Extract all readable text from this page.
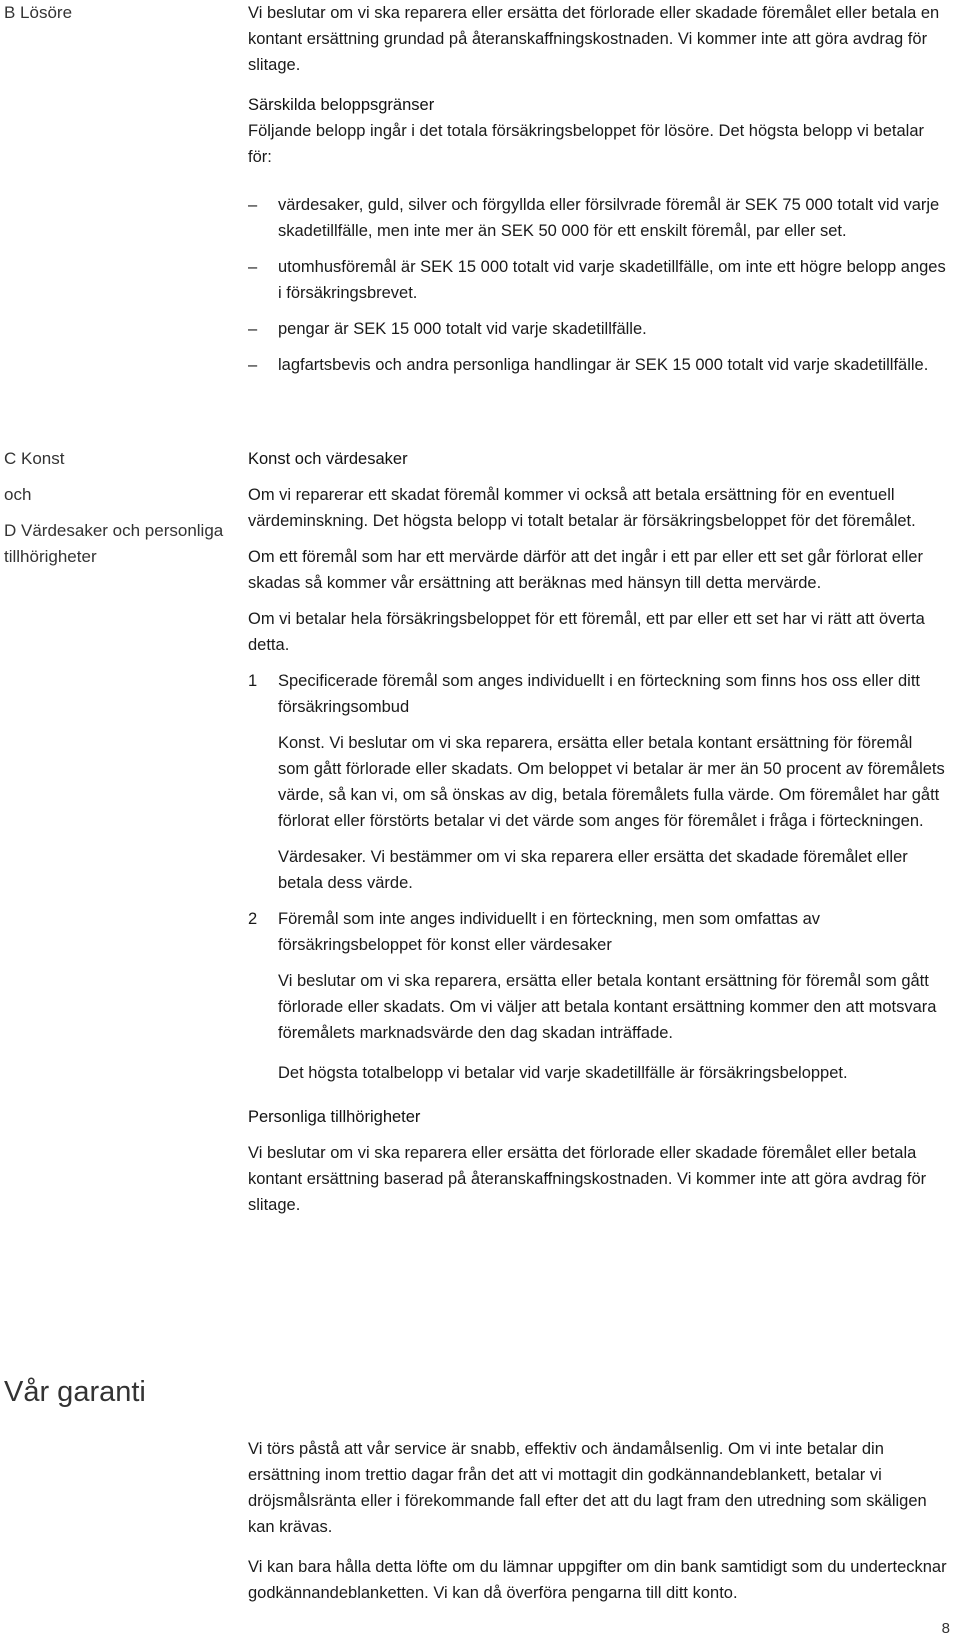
B Lösöre	Vi beslutar om vi ska reparera eller ersätta det förlorade eller skadade föremålet eller betala en kontant ersättning grundad på återanskaffningskostnaden. Vi kommer inte att göra avdrag för slitage.

Särskilda beloppsgränser

Följande belopp ingår i det totala försäkringsbeloppet för lösöre. Det högsta belopp vi betalar för:

– värdesaker, guld, silver och förgyllda eller försilvrade föremål är SEK 75 000 totalt vid varje skadetillfälle, men inte mer än SEK 50 000 för ett enskilt föremål, par eller set.
– utomhusföremål är SEK 15 000 totalt vid varje skadetillfälle, om inte ett högre belopp anges i försäkringsbrevet.
– pengar är SEK 15 000 totalt vid varje skadetillfälle.
– lagfartsbevis och andra personliga handlingar är SEK 15 000 totalt vid varje skadetillfälle.
C Konst
och
D Värdesaker och personliga tillhörigheter

Konst och värdesaker

Om vi reparerar ett skadat föremål kommer vi också att betala ersättning för en eventuell värdeminskning. Det högsta belopp vi totalt betalar är försäkringsbeloppet för det föremålet.

Om ett föremål som har ett mervärde därför att det ingår i ett par eller ett set går förlorat eller skadas så kommer vår ersättning att beräknas med hänsyn till detta mervärde.

Om vi betalar hela försäkringsbeloppet för ett föremål, ett par eller ett set har vi rätt att överta detta.

1 Specificerade föremål som anges individuellt i en förteckning som finns hos oss eller ditt försäkringsombud

Konst. Vi beslutar om vi ska reparera, ersätta eller betala kontant ersättning för föremål som gått förlorade eller skadats. Om beloppet vi betalar är mer än 50 procent av föremålets värde, så kan vi, om så önskas av dig, betala föremålets fulla värde. Om föremålet har gått förlorat eller förstörts betalar vi det värde som anges för föremålet i fråga i förteckningen.

Värdesaker. Vi bestämmer om vi ska reparera eller ersätta det skadade föremålet eller betala dess värde.

2 Föremål som inte anges individuellt i en förteckning, men som omfattas av försäkringsbeloppet för konst eller värdesaker

Vi beslutar om vi ska reparera, ersätta eller betala kontant ersättning för föremål som gått förlorade eller skadats. Om vi väljer att betala kontant ersättning kommer den att motsvara föremålets marknadsvärde den dag skadan inträffade.

Det högsta totalbelopp vi betalar vid varje skadetillfälle är försäkringsbeloppet.

Personliga tillhörigheter

Vi beslutar om vi ska reparera eller ersätta det förlorade eller skadade föremålet eller betala kontant ersättning baserad på återanskaffningskostnaden. Vi kommer inte att göra avdrag för slitage.

Vår garanti

Vi törs påstå att vår service är snabb, effektiv och ändamålsenlig. Om vi inte betalar din ersättning inom trettio dagar från det att vi mottagit din godkännandeblankett, betalar vi dröjsmålsränta eller i förekommande fall efter det att du lagt fram den utredning som skäligen kan krävas.

Vi kan bara hålla detta löfte om du lämnar uppgifter om din bank samtidigt som du undertecknar godkännandeblanketten. Vi kan då överföra pengarna till ditt konto.

8
